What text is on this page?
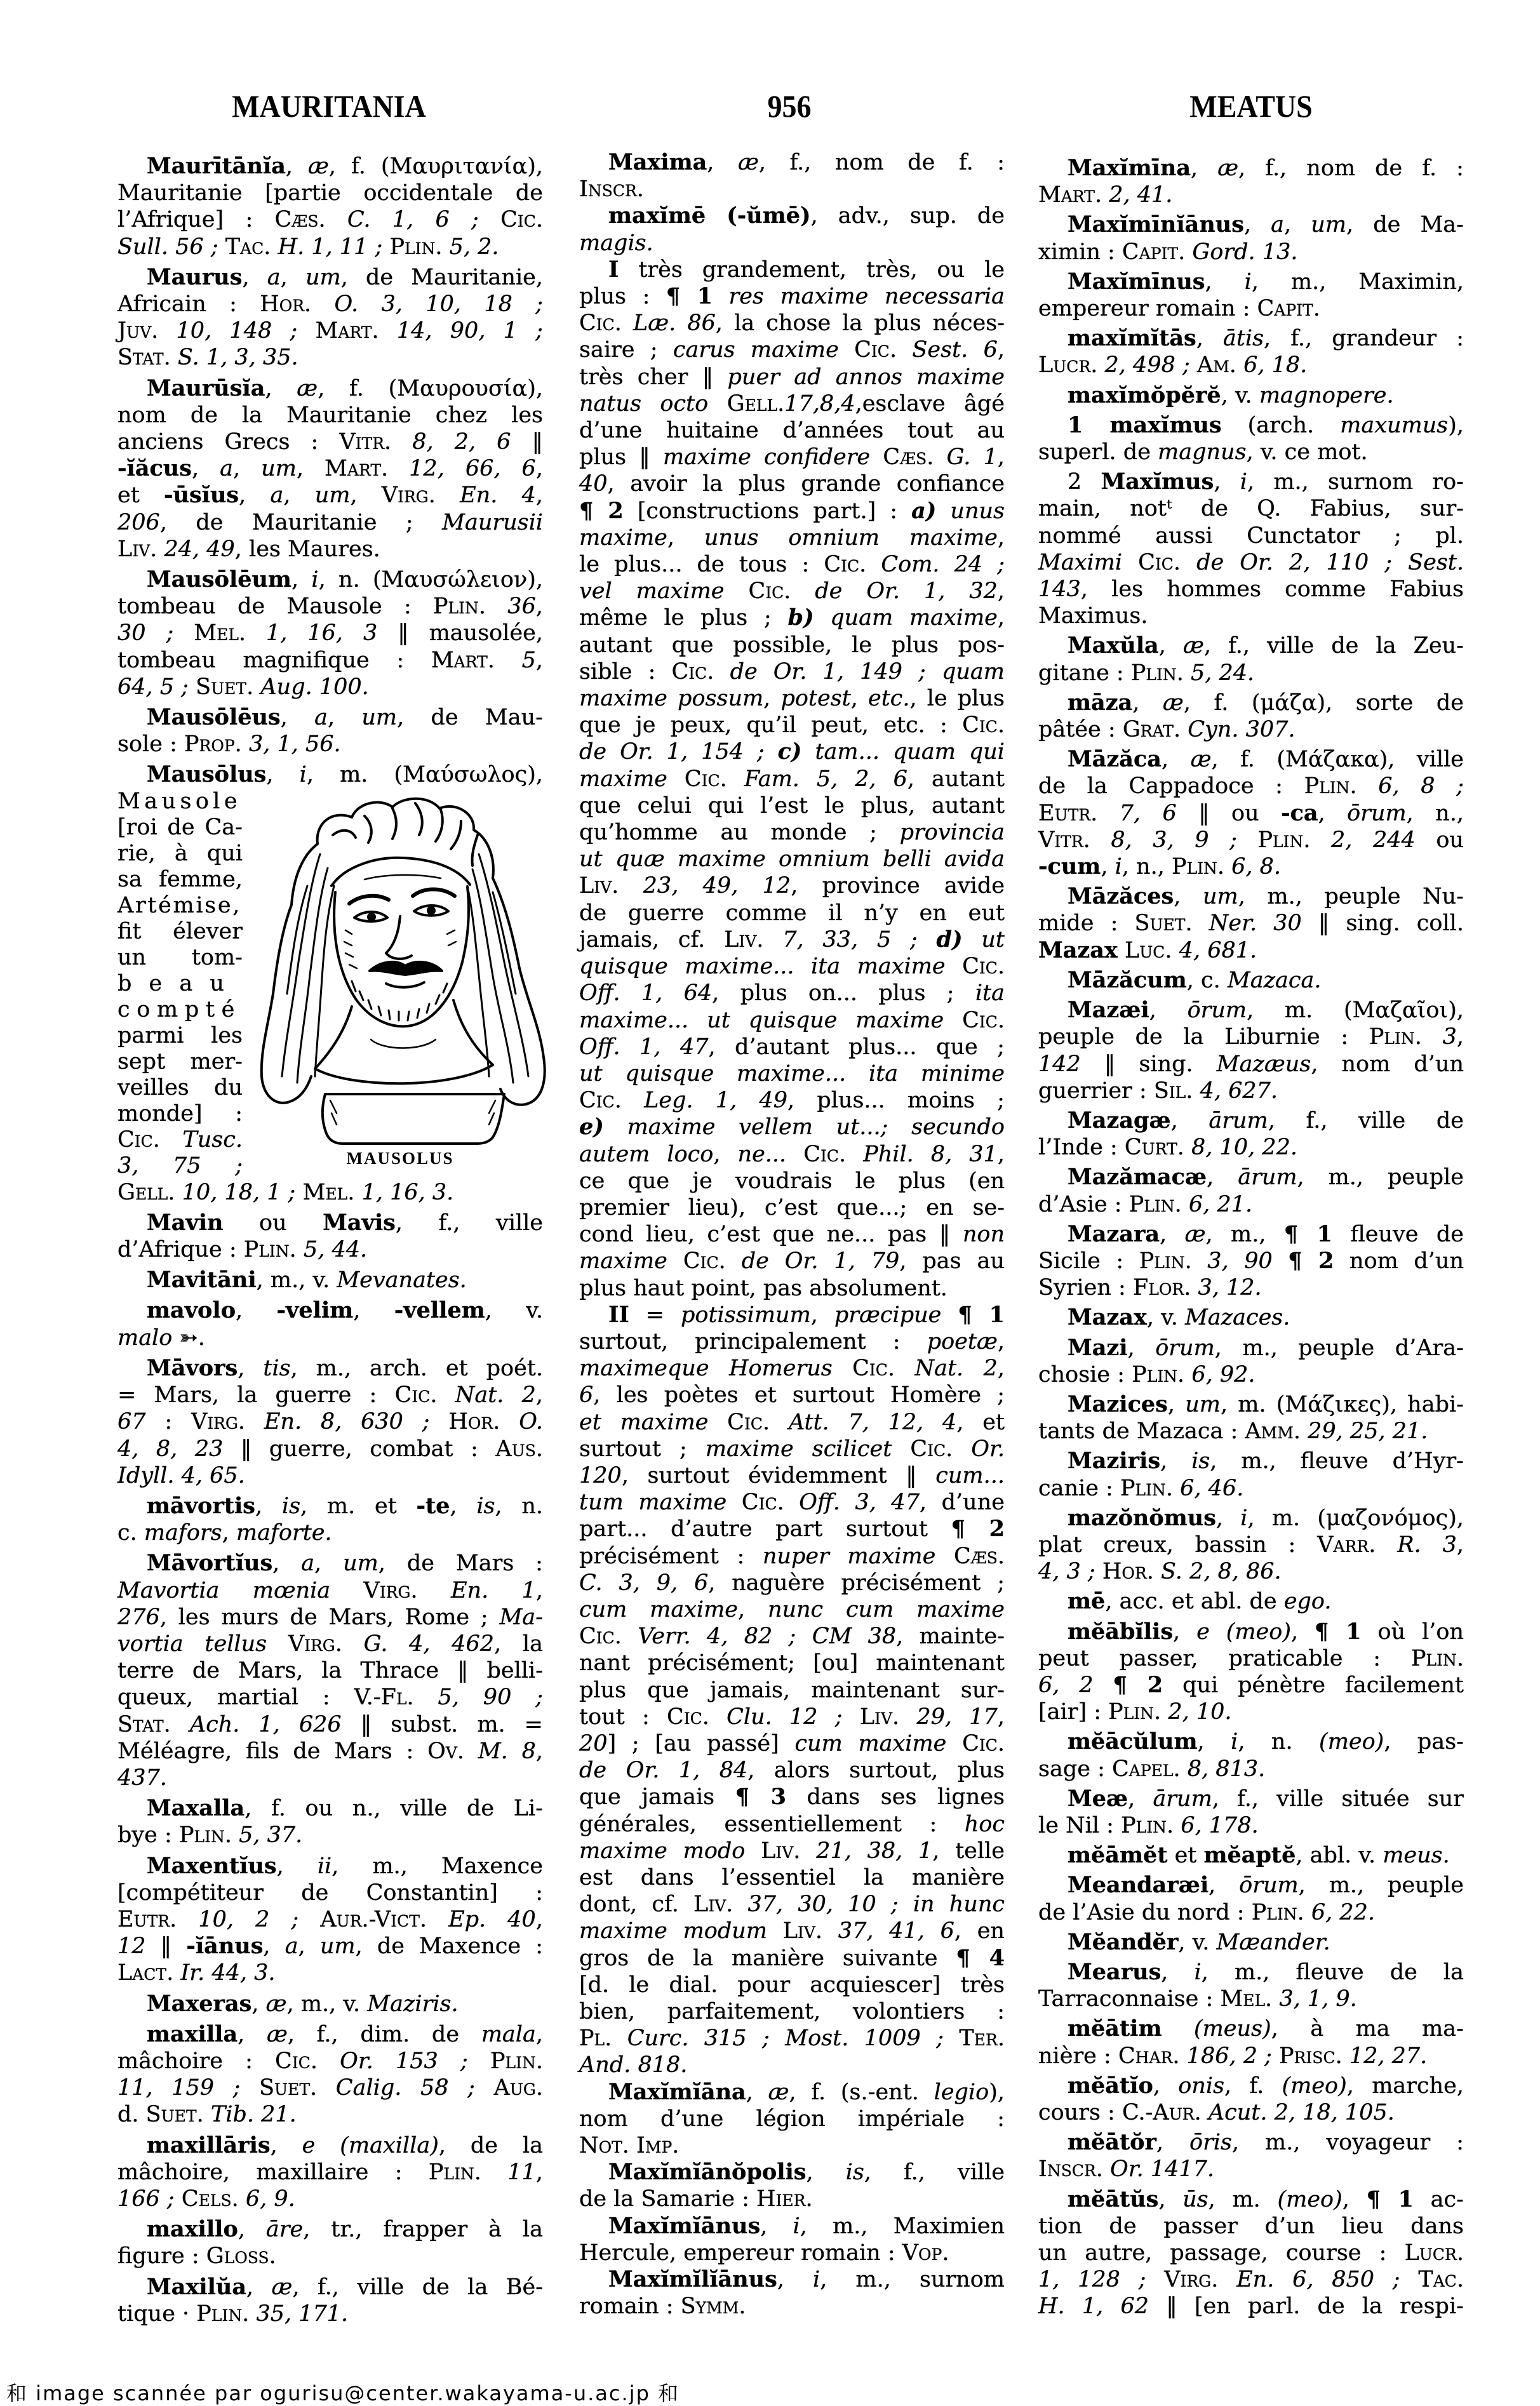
MAURITANIA	956	MEATUS
Maurītānĭa, æ, f. (Μαυριτανία),
Mauritanie [partie occidentale de
l’Afrique] : Cæs. C. 1, 6 ; Cic.
Sull. 56 ; Tac. H. 1, 11 ; Plin. 5, 2.
Maurus, a, um, de Mauritanie,
Africain : Hor. O. 3, 10, 18 ;
Juv. 10, 148 ; Mart. 14, 90, 1 ;
Stat. S. 1, 3, 35.
Maurūsĭa, æ, f. (Μαυρουσία),
nom de la Mauritanie chez les
anciens Grecs : Vitr. 8, 2, 6 ‖
-ĭăcus, a, um, Mart. 12, 66, 6,
et -ūsĭus, a, um, Virg. En. 4,
206, de Mauritanie ; Maurusii
Liv. 24, 49, les Maures.
Mausōlēum, i, n. (Μαυσώλειον),
tombeau de Mausole : Plin. 36,
30 ; Mel. 1, 16, 3 ‖ mausolée,
tombeau magnifique : Mart. 5,
64, 5 ; Suet. Aug. 100.
Mausōlēus, a, um, de Mau-
sole : Prop. 3, 1, 56.
Mausōlus, i, m. (Μαύσωλος),
Mausole
[roi de Ca-
rie, à qui
sa femme,
Artémise,
fit élever
un tom-
beau
compté
parmi les
sept mer-
veilles du
monde] :
Cic. Tusc.
3, 75 ;
Gell. 10, 18, 1 ; Mel. 1, 16, 3.
Mavin ou Mavis, f., ville
d’Afrique : Plin. 5, 44.
Mavitāni, m., v. Mevanates.
mavolo, -velim, -vellem, v.
malo ➳.
Māvors, tis, m., arch. et poét.
= Mars, la guerre : Cic. Nat. 2,
67 : Virg. En. 8, 630 ; Hor. O.
4, 8, 23 ‖ guerre, combat : Aus.
Idyll. 4, 65.
māvortis, is, m. et -te, is, n.
c. mafors, maforte.
Māvortĭus, a, um, de Mars :
Mavortia mœnia Virg. En. 1,
276, les murs de Mars, Rome ; Ma-
vortia tellus Virg. G. 4, 462, la
terre de Mars, la Thrace ‖ belli-
queux, martial : V.-Fl. 5, 90 ;
Stat. Ach. 1, 626 ‖ subst. m. =
Méléagre, fils de Mars : Ov. M. 8,
437.
Maxalla, f. ou n., ville de Li-
bye : Plin. 5, 37.
Maxentĭus, ii, m., Maxence
[compétiteur de Constantin] :
Eutr. 10, 2 ; Aur.-Vict. Ep. 40,
12 ‖ -ĭānus, a, um, de Maxence :
Lact. Ir. 44, 3.
Maxeras, æ, m., v. Maziris.
maxilla, æ, f., dim. de mala,
mâchoire : Cic. Or. 153 ; Plin.
11, 159 ; Suet. Calig. 58 ; Aug.
d. Suet. Tib. 21.
maxillāris, e (maxilla), de la
mâchoire, maxillaire : Plin. 11,
166 ; Cels. 6, 9.
maxillo, āre, tr., frapper à la
figure : Gloss.
Maxilŭa, æ, f., ville de la Bé-
tique · Plin. 35, 171.
Maxima, æ, f., nom de f. :
Inscr.
maxĭmē (-ŭmē), adv., sup. de
magis.
I très grandement, très, ou le
plus : ¶ 1 res maxime necessaria
Cic. Læ. 86, la chose la plus néces-
saire ; carus maxime Cic. Sest. 6,
très cher ‖ puer ad annos maxime
natus octo Gell.17,8,4,esclave âgé
d’une huitaine d’années tout au
plus ‖ maxime confidere Cæs. G. 1,
40, avoir la plus grande confiance
¶ 2 [constructions part.] : a) unus
maxime, unus omnium maxime,
le plus... de tous : Cic. Com. 24 ;
vel maxime Cic. de Or. 1, 32,
même le plus ; b) quam maxime,
autant que possible, le plus pos-
sible : Cic. de Or. 1, 149 ; quam
maxime possum, potest, etc., le plus
que je peux, qu’il peut, etc. : Cic.
de Or. 1, 154 ; c) tam... quam qui
maxime Cic. Fam. 5, 2, 6, autant
que celui qui l’est le plus, autant
qu’homme au monde ; provincia
ut quæ maxime omnium belli avida
Liv. 23, 49, 12, province avide
de guerre comme il n’y en eut
jamais, cf. Liv. 7, 33, 5 ; d) ut
quisque maxime... ita maxime Cic.
Off. 1, 64, plus on... plus ; ita
maxime... ut quisque maxime Cic.
Off. 1, 47, d’autant plus... que ;
ut quisque maxime... ita minime
Cic. Leg. 1, 49, plus... moins ;
e) maxime vellem ut...; secundo
autem loco, ne... Cic. Phil. 8, 31,
ce que je voudrais le plus (en
premier lieu), c’est que...; en se-
cond lieu, c’est que ne... pas ‖ non
maxime Cic. de Or. 1, 79, pas au
plus haut point, pas absolument.
II = potissimum, præcipue ¶ 1
surtout, principalement : poetæ,
maximeque Homerus Cic. Nat. 2,
6, les poètes et surtout Homère ;
et maxime Cic. Att. 7, 12, 4, et
surtout ; maxime scilicet Cic. Or.
120, surtout évidemment ‖ cum...
tum maxime Cic. Off. 3, 47, d’une
part... d’autre part surtout ¶ 2
précisément : nuper maxime Cæs.
C. 3, 9, 6, naguère précisément ;
cum maxime, nunc cum maxime
Cic. Verr. 4, 82 ; CM 38, mainte-
nant précisément; [ou] maintenant
plus que jamais, maintenant sur-
tout : Cic. Clu. 12 ; Liv. 29, 17,
20] ; [au passé] cum maxime Cic.
de Or. 1, 84, alors surtout, plus
que jamais ¶ 3 dans ses lignes
générales, essentiellement : hoc
maxime modo Liv. 21, 38, 1, telle
est dans l’essentiel la manière
dont, cf. Liv. 37, 30, 10 ; in hunc
maxime modum Liv. 37, 41, 6, en
gros de la manière suivante ¶ 4
[d. le dial. pour acquiescer] très
bien, parfaitement, volontiers :
Pl. Curc. 315 ; Most. 1009 ; Ter.
And. 818.
Maxĭmĭāna, æ, f. (s.-ent. legio),
nom d’une légion impériale :
Not. Imp.
Maxĭmĭānŏpolis, is, f., ville
de la Samarie : Hier.
Maxĭmĭānus, i, m., Maximien
Hercule, empereur romain : Vop.
Maxĭmĭlĭānus, i, m., surnom
romain : Symm.
Maxĭmīna, æ, f., nom de f. :
Mart. 2, 41.
Maxĭmīnĭānus, a, um, de Ma-
ximin : Capit. Gord. 13.
Maxĭmīnus, i, m., Maximin,
empereur romain : Capit.
maxĭmĭtās, ātis, f., grandeur :
Lucr. 2, 498 ; Am. 6, 18.
maxĭmŏpĕrĕ, v. magnopere.
1 maxĭmus (arch. maxumus),
superl. de magnus, v. ce mot.
2 Maxĭmus, i, m., surnom ro-
main, notᵗ de Q. Fabius, sur-
nommé aussi Cunctator ; pl.
Maximi Cic. de Or. 2, 110 ; Sest.
143, les hommes comme Fabius
Maximus.
Maxŭla, æ, f., ville de la Zeu-
gitane : Plin. 5, 24.
māza, æ, f. (μάζα), sorte de
pâtée : Grat. Cyn. 307.
Māzăca, æ, f. (Μάζακα), ville
de la Cappadoce : Plin. 6, 8 ;
Eutr. 7, 6 ‖ ou -ca, ōrum, n.,
Vitr. 8, 3, 9 ; Plin. 2, 244 ou
-cum, i, n., Plin. 6, 8.
Māzăces, um, m., peuple Nu-
mide : Suet. Ner. 30 ‖ sing. coll.
Mazax Luc. 4, 681.
Māzăcum, c. Mazaca.
Mazæi, ōrum, m. (Μαζαῖοι),
peuple de la Liburnie : Plin. 3,
142 ‖ sing. Mazæus, nom d’un
guerrier : Sil. 4, 627.
Mazagæ, ārum, f., ville de
l’Inde : Curt. 8, 10, 22.
Mazămacæ, ārum, m., peuple
d’Asie : Plin. 6, 21.
Mazara, æ, m., ¶ 1 fleuve de
Sicile : Plin. 3, 90 ¶ 2 nom d’un
Syrien : Flor. 3, 12.
Mazax, v. Mazaces.
Mazi, ōrum, m., peuple d’Ara-
chosie : Plin. 6, 92.
Mazices, um, m. (Μάζικες), habi-
tants de Mazaca : Amm. 29, 25, 21.
Maziris, is, m., fleuve d’Hyr-
canie : Plin. 6, 46.
mazŏnŏmus, i, m. (μαζονόμος),
plat creux, bassin : Varr. R. 3,
4, 3 ; Hor. S. 2, 8, 86.
mē, acc. et abl. de ego.
mĕābĭlis, e (meo), ¶ 1 où l’on
peut passer, praticable : Plin.
6, 2 ¶ 2 qui pénètre facilement
[air] : Plin. 2, 10.
mĕācŭlum, i, n. (meo), pas-
sage : Capel. 8, 813.
Meæ, ārum, f., ville située sur
le Nil : Plin. 6, 178.
mĕāmĕt et mĕaptĕ, abl. v. meus.
Meandaræi, ōrum, m., peuple
de l’Asie du nord : Plin. 6, 22.
Mĕandĕr, v. Mæander.
Mearus, i, m., fleuve de la
Tarraconnaise : Mel. 3, 1, 9.
mĕātim (meus), à ma ma-
nière : Char. 186, 2 ; Prisc. 12, 27.
mĕātĭo, onis, f. (meo), marche,
cours : C.-Aur. Acut. 2, 18, 105.
mĕātŏr, ōris, m., voyageur :
Inscr. Or. 1417.
mĕātŭs, ūs, m. (meo), ¶ 1 ac-
tion de passer d’un lieu dans
un autre, passage, course : Lucr.
1, 128 ; Virg. En. 6, 850 ; Tac.
H. 1, 62 ‖ [en parl. de la respi-
MAUSOLUS
和 image scannée par ogurisu@center.wakayama-u.ac.jp 和
